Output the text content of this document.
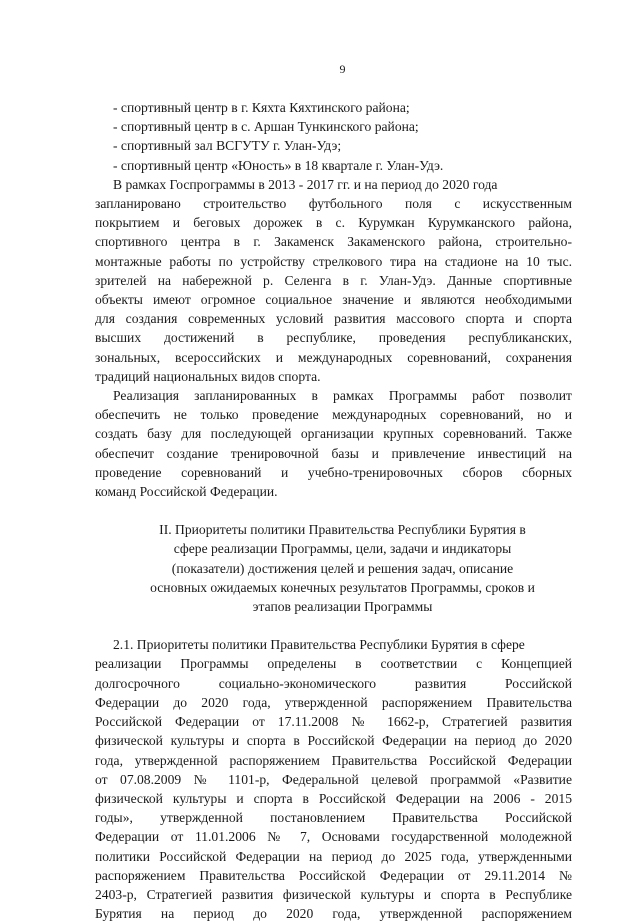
9
- спортивный центр в г. Кяхта Кяхтинского района;
- спортивный центр в с. Аршан Тункинского района;
- спортивный зал ВСГУТУ г. Улан-Удэ;
- спортивный центр «Юность» в 18 квартале г. Улан-Удэ.
В рамках Госпрограммы в 2013 - 2017 гг. и на период до 2020 года
запланировано строительство футбольного поля с искусственным
покрытием и беговых дорожек в с. Курумкан Курумканского района,
спортивного центра в г. Закаменск Закаменского района, строительно-
монтажные работы по устройству стрелкового тира на стадионе на 10 тыс.
зрителей на набережной р. Селенга в г. Улан-Удэ. Данные спортивные
объекты имеют огромное социальное значение и являются необходимыми
для создания современных условий развития массового спорта и спорта
высших достижений в республике, проведения республиканских,
зональных, всероссийских и международных соревнований, сохранения
традиций национальных видов спорта.
Реализация запланированных в рамках Программы работ позволит
обеспечить не только проведение международных соревнований, но и
создать базу для последующей организации крупных соревнований. Также
обеспечит создание тренировочной базы и привлечение инвестиций на
проведение соревнований и учебно-тренировочных сборов сборных
команд Российской Федерации.
II. Приоритеты политики Правительства Республики Бурятия в
сфере реализации Программы, цели, задачи и индикаторы
(показатели) достижения целей и решения задач, описание
основных ожидаемых конечных результатов Программы, сроков и
этапов реализации Программы
2.1. Приоритеты политики Правительства Республики Бурятия в сфере
реализации Программы определены в соответствии с Концепцией
долгосрочного социально-экономического развития Российской
Федерации до 2020 года, утвержденной распоряжением Правительства
Российской Федерации от 17.11.2008 № 1662-р, Стратегией развития
физической культуры и спорта в Российской Федерации на период до 2020
года, утвержденной распоряжением Правительства Российской Федерации
от 07.08.2009 № 1101-р, Федеральной целевой программой «Развитие
физической культуры и спорта в Российской Федерации на 2006 - 2015
годы», утвержденной постановлением Правительства Российской
Федерации от 11.01.2006 № 7, Основами государственной молодежной
политики Российской Федерации на период до 2025 года, утвержденными
распоряжением Правительства Российской Федерации от 29.11.2014 №
2403-р, Стратегией развития физической культуры и спорта в Республике
Бурятия на период до 2020 года, утвержденной распоряжением
